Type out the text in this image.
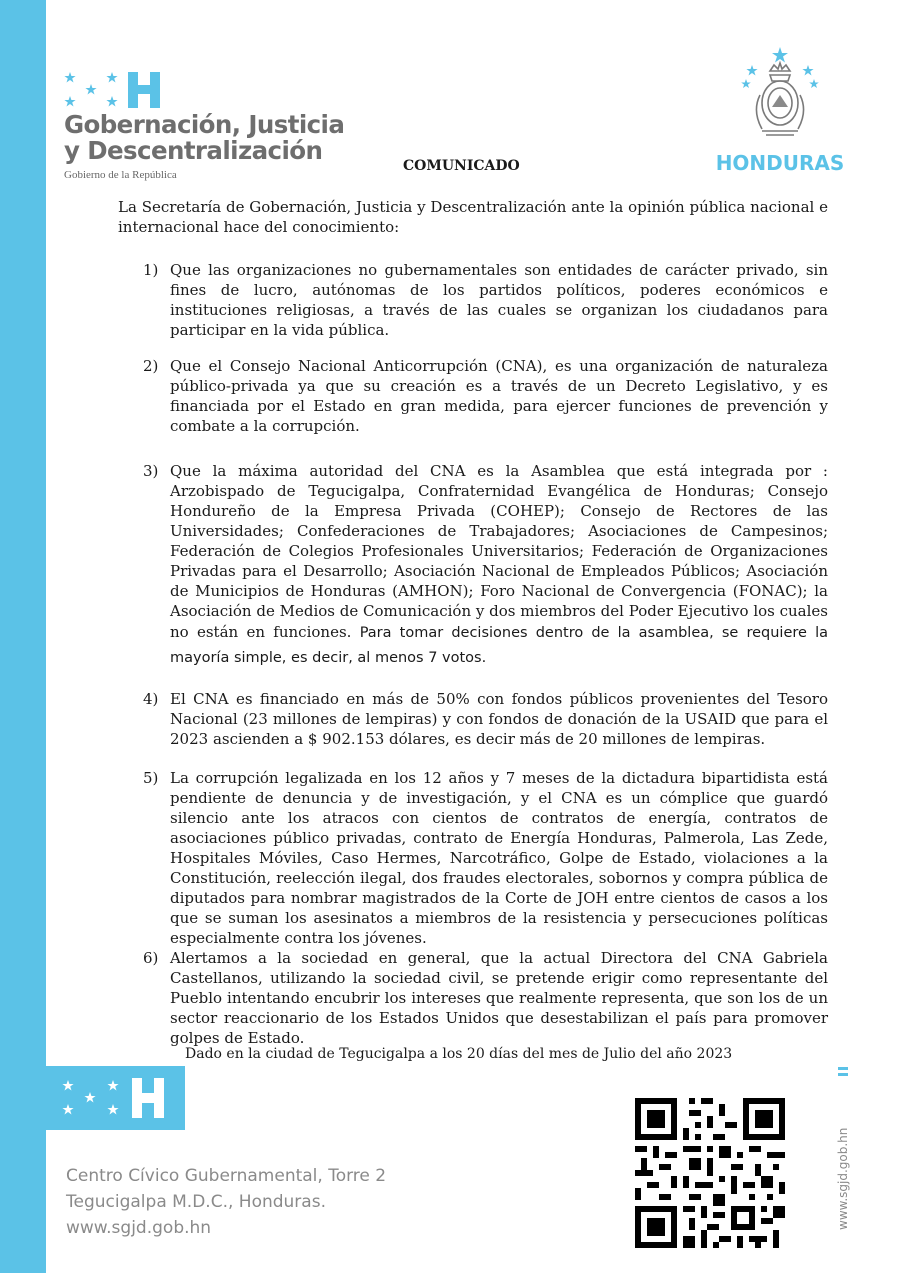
Gobernación, Justicia
y Descentralización
Gobierno de la República	HONDURAS
COMUNICADO
La Secretaría de Gobernación, Justicia y Descentralización ante la opinión pública nacional e internacional hace del conocimiento:
1) Que las organizaciones no gubernamentales son entidades de carácter privado, sin fines de lucro, autónomas de los partidos políticos, poderes económicos e instituciones religiosas, a través de las cuales se organizan los ciudadanos para participar en la vida pública.
2) Que el Consejo Nacional Anticorrupción (CNA), es una organización de naturaleza público-privada ya que su creación es a través de un Decreto Legislativo, y es financiada por el Estado en gran medida, para ejercer funciones de prevención y combate a la corrupción.
3) Que la máxima autoridad del CNA es la Asamblea que está integrada por : Arzobispado de Tegucigalpa, Confraternidad Evangélica de Honduras; Consejo Hondureño de la Empresa Privada (COHEP); Consejo de Rectores de las Universidades; Confederaciones de Trabajadores; Asociaciones de Campesinos; Federación de Colegios Profesionales Universitarios; Federación de Organizaciones Privadas para el Desarrollo; Asociación Nacional de Empleados Públicos; Asociación de Municipios de Honduras (AMHON); Foro Nacional de Convergencia (FONAC); la Asociación de Medios de Comunicación y dos miembros del Poder Ejecutivo los cuales no están en funciones. Para tomar decisiones dentro de la asamblea, se requiere la mayoría simple, es decir, al menos 7 votos.
4) El CNA es financiado en más de 50% con fondos públicos provenientes del Tesoro Nacional (23 millones de lempiras) y con fondos de donación de la USAID que para el 2023 ascienden a $ 902.153 dólares, es decir más de 20 millones de lempiras.
5) La corrupción legalizada en los 12 años y 7 meses de la dictadura bipartidista está pendiente de denuncia y de investigación, y el CNA es un cómplice que guardó silencio ante los atracos con cientos de contratos de energía, contratos de asociaciones público privadas, contrato de Energía Honduras, Palmerola, Las Zede, Hospitales Móviles, Caso Hermes, Narcotráfico, Golpe de Estado, violaciones a la Constitución, reelección ilegal, dos fraudes electorales, sobornos y compra pública de diputados para nombrar magistrados de la Corte de JOH entre cientos de casos a los que se suman los asesinatos a miembros de la resistencia y persecuciones políticas especialmente contra los jóvenes.
6) Alertamos a la sociedad en general, que la actual Directora del CNA Gabriela Castellanos, utilizando la sociedad civil, se pretende erigir como representante del Pueblo intentando encubrir los intereses que realmente representa, que son los de un sector reaccionario de los Estados Unidos que desestabilizan el país para promover golpes de Estado.
Dado en la ciudad de Tegucigalpa a los 20 días del mes de Julio del año 2023
Centro Cívico Gubernamental, Torre 2
Tegucigalpa M.D.C., Honduras.
www.sgjd.gob.hn	www.sgjd.gob.hn
